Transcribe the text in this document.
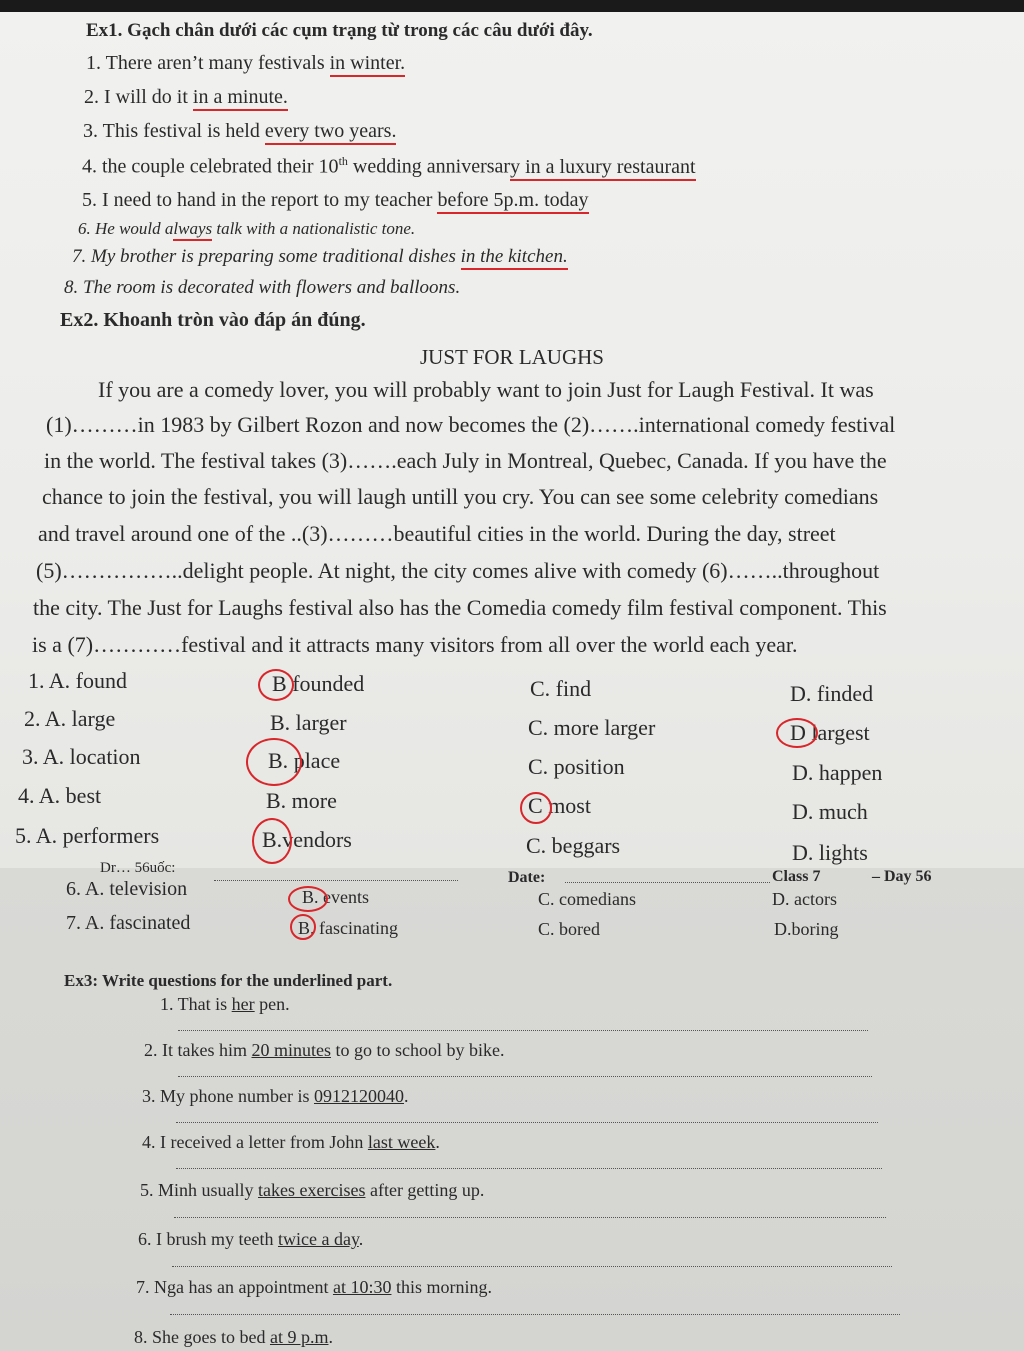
Ex1. Gạch chân dưới các cụm trạng từ trong các câu dưới đây.
1. There aren’t many festivals in winter.
2. I will do it in a minute.
3. This festival is held every two years.
4. the couple celebrated their 10th wedding anniversary in a luxury restaurant
5. I need to hand in the report to my teacher before 5p.m. today
6. He would always talk with a nationalistic tone.
7. My brother is preparing some traditional dishes in the kitchen.
8. The room is decorated with flowers and balloons.
Ex2. Khoanh tròn vào đáp án đúng.
JUST FOR LAUGHS
If you are a comedy lover, you will probably want to join Just for Laugh Festival. It was
(1)………in 1983 by Gilbert Rozon and now becomes the (2)…….international comedy festival
in the world. The festival takes (3)…….each July in Montreal, Quebec, Canada. If you have the
chance to join the festival, you will laugh untill you cry. You can see some celebrity comedians
and travel around one of the ..(3)………beautiful cities in the world. During the day, street
(5)……………..delight people. At night, the city comes alive with comedy (6)……..throughout
the city. The Just for Laughs festival also has the Comedia comedy film festival component. This
is a (7)…………festival and it attracts many visitors from all over the world each year.
1. A. found	B founded	C. find	D. finded
2. A. large	B. larger	C. more larger	D largest
3. A. location	B. place	C. position	D. happen
4. A. best	B. more	C most	D. much
5. A. performers	B.vendors	C. beggars	D. lights
Dr… 56uốc:
Date:	Class 7	– Day 56
6. A. television	B. events	C. comedians	D. actors
7. A. fascinated	B. fascinating	C. bored	D.boring
Ex3: Write questions for the underlined part.
1. That is her pen.
2. It takes him 20 minutes to go to school by bike.
3. My phone number is 0912120040.
4. I received a letter from John last week.
5. Minh usually takes exercises after getting up.
6. I brush my teeth twice a day.
7. Nga has an appointment at 10:30 this morning.
8. She goes to bed at 9 p.m.
